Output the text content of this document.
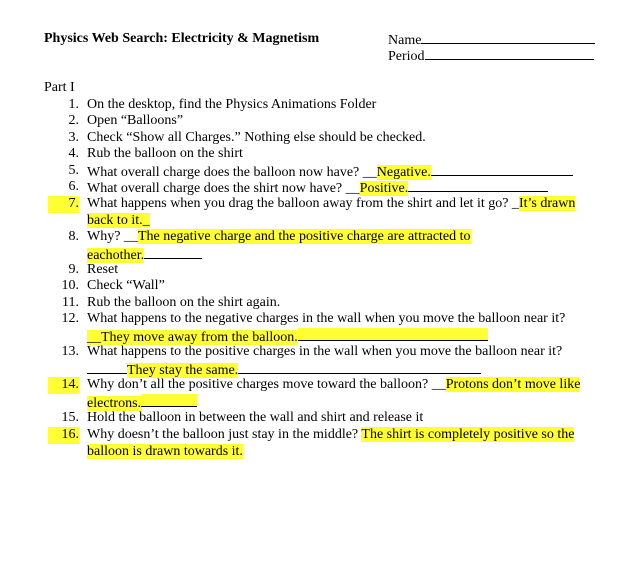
Physics Web Search: Electricity & Magnetism	Name
Period
Part I
1. On the desktop, find the Physics Animations Folder
2. Open “Balloons”
3. Check “Show all Charges.” Nothing else should be checked.
4. Rub the balloon on the shirt
5. What overall charge does the balloon now have? __Negative.
6. What overall charge does the shirt now have? __Positive.
7. What happens when you drag the balloon away from the shirt and let it go? _It’s drawn
back to it._
8. Why? __The negative charge and the positive charge are attracted to
eachother.
9. Reset
10. Check “Wall”
11. Rub the balloon on the shirt again.
12. What happens to the negative charges in the wall when you move the balloon near it?
__They move away from the balloon.
13. What happens to the positive charges in the wall when you move the balloon near it?
They stay the same.
14. Why don’t all the positive charges move toward the balloon? __Protons don’t move like
electrons.
15. Hold the balloon in between the wall and shirt and release it
16. Why doesn’t the balloon just stay in the middle? The shirt is completely positive so the
balloon is drawn towards it.
